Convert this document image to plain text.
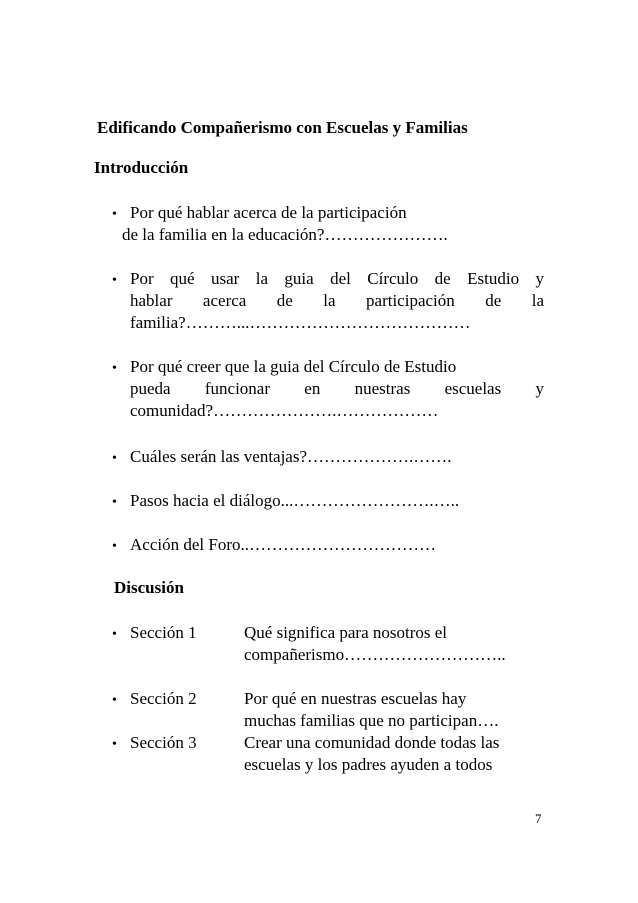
Edificando Compañerismo con Escuelas y Familias
Introducción
• Por qué hablar acerca de la participación
de la familia en la educación?………………….
• Por qué usar la guia del Círculo de Estudio y
hablar acerca de la participación de la
familia?………...…………………………………
• Por qué creer que la guia del Círculo de Estudio
pueda funcionar en nuestras escuelas y
comunidad?………………….………………
• Cuáles serán las ventajas?……………….…….
• Pasos hacia el diálogo...…………………….…..
• Acción del Foro..……………………………
Discusión
• Sección 1	Qué significa para nosotros el
compañerismo………………………..
• Sección 2	Por qué en nuestras escuelas hay
muchas familias que no participan….
• Sección 3	Crear una comunidad donde todas las
escuelas y los padres ayuden a todos
7
